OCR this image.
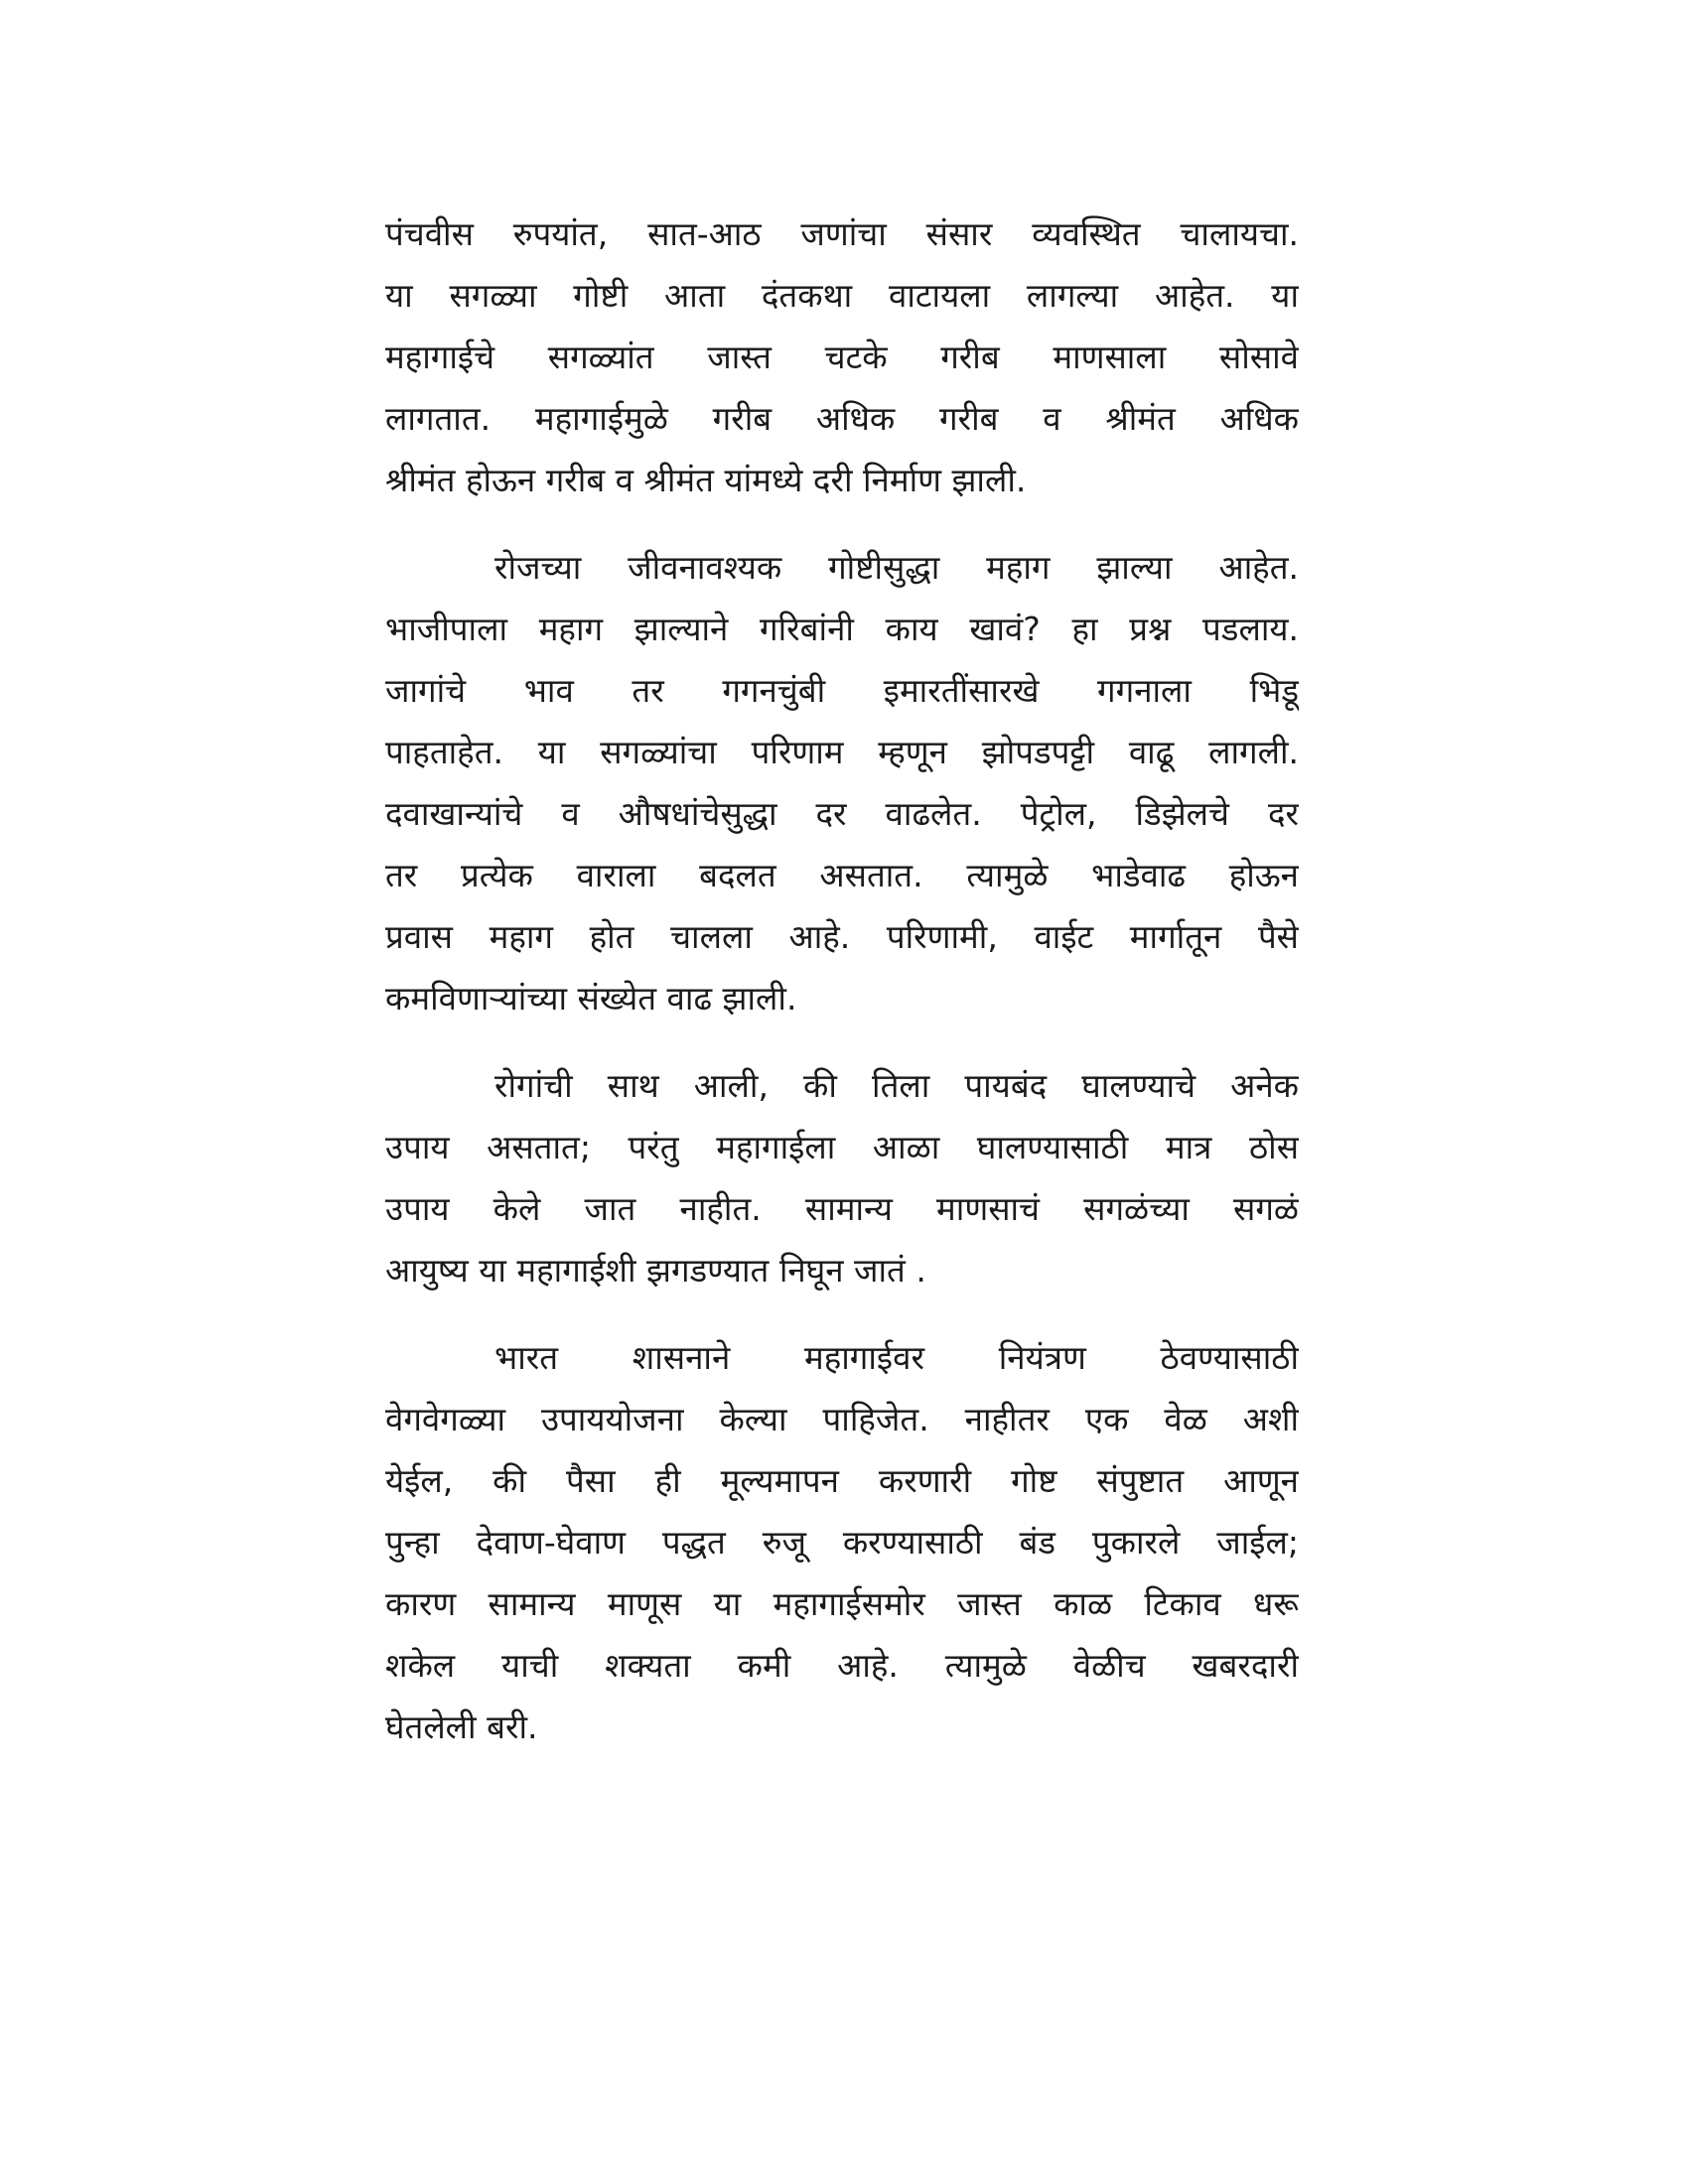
पंचवीस रुपयांत, सात-आठ जणांचा संसार व्यवस्थित चालायचा.
या सगळ्या गोष्टी आता दंतकथा वाटायला लागल्या आहेत. या
महागाईचे सगळ्यांत जास्त चटके गरीब माणसाला सोसावे
लागतात. महागाईमुळे गरीब अधिक गरीब व श्रीमंत अधिक
श्रीमंत होऊन गरीब व श्रीमंत यांमध्ये दरी निर्माण झाली.
रोजच्या जीवनावश्यक गोष्टीसुद्धा महाग झाल्या आहेत.
भाजीपाला महाग झाल्याने गरिबांनी काय खावं? हा प्रश्न पडलाय.
जागांचे भाव तर गगनचुंबी इमारतींसारखे गगनाला भिडू
पाहताहेत. या सगळ्यांचा परिणाम म्हणून झोपडपट्टी वाढू लागली.
दवाखान्यांचे व औषधांचेसुद्धा दर वाढलेत. पेट्रोल, डिझेलचे दर
तर प्रत्येक वाराला बदलत असतात. त्यामुळे भाडेवाढ होऊन
प्रवास महाग होत चालला आहे. परिणामी, वाईट मार्गातून पैसे
कमविणाऱ्यांच्या संख्येत वाढ झाली.
रोगांची साथ आली, की तिला पायबंद घालण्याचे अनेक
उपाय असतात; परंतु महागाईला आळा घालण्यासाठी मात्र ठोस
उपाय केले जात नाहीत. सामान्य माणसाचं सगळंच्या सगळं
आयुष्य या महागाईशी झगडण्यात निघून जातं .
भारत शासनाने महागाईवर नियंत्रण ठेवण्यासाठी
वेगवेगळ्या उपाययोजना केल्या पाहिजेत. नाहीतर एक वेळ अशी
येईल, की पैसा ही मूल्यमापन करणारी गोष्ट संपुष्टात आणून
पुन्हा देवाण-घेवाण पद्धत रुजू करण्यासाठी बंड पुकारले जाईल;
कारण सामान्य माणूस या महागाईसमोर जास्त काळ टिकाव धरू
शकेल याची शक्यता कमी आहे. त्यामुळे वेळीच खबरदारी
घेतलेली बरी.
